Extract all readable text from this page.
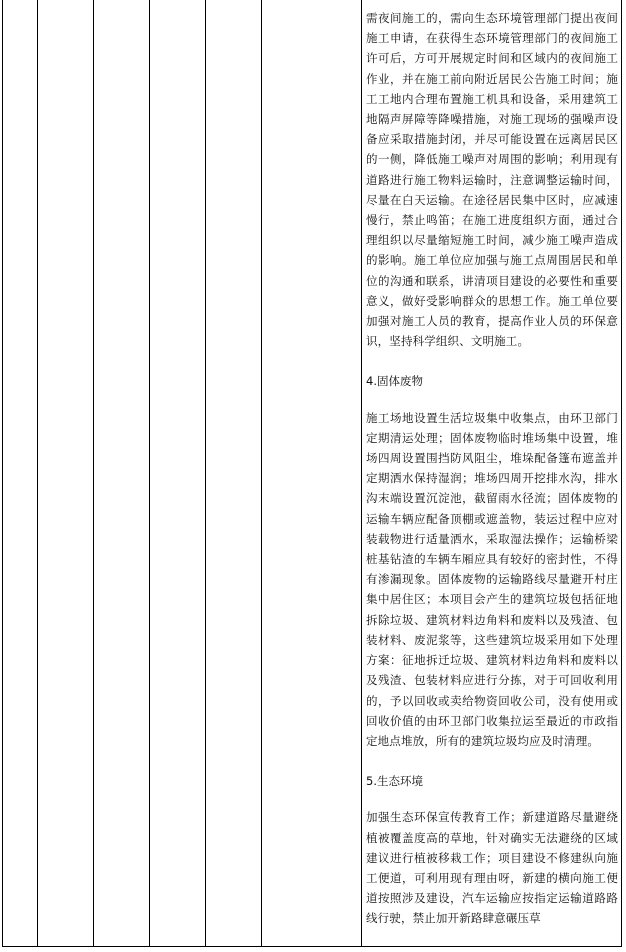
需夜间施工的，需向生态环境管理部门提出夜间施工申请，在获得生态环境管理部门的夜间施工许可后，方可开展规定时间和区域内的夜间施工作业，并在施工前向附近居民公告施工时间；施工工地内合理布置施工机具和设备，采用建筑工地隔声屏障等降噪措施，对施工现场的强噪声设备应采取措施封闭，并尽可能设置在远离居民区的一侧，降低施工噪声对周围的影响；利用现有道路进行施工物料运输时，注意调整运输时间，尽量在白天运输。在途径居民集中区时，应减速慢行，禁止鸣笛；在施工进度组织方面，通过合理组织以尽量缩短施工时间，减少施工噪声造成的影响。施工单位应加强与施工点周围居民和单位的沟通和联系，讲清项目建设的必要性和重要意义，做好受影响群众的思想工作。施工单位要加强对施工人员的教育，提高作业人员的环保意识，坚持科学组织、文明施工。

4.固体废物

施工场地设置生活垃圾集中收集点，由环卫部门定期清运处理；固体废物临时堆场集中设置，堆场四周设置围挡防风阻尘，堆垛配备篷布遮盖并定期洒水保持湿润；堆场四周开挖排水沟，排水沟末端设置沉淀池，截留雨水径流；固体废物的运输车辆应配备顶棚或遮盖物，装运过程中应对装载物进行适量洒水，采取湿法操作；运输桥梁桩基钻渣的车辆车厢应具有较好的密封性，不得有渗漏现象。固体废物的运输路线尽量避开村庄集中居住区；本项目会产生的建筑垃圾包括征地拆除垃圾、建筑材料边角料和废料以及残渣、包装材料、废泥浆等，这些建筑垃圾采用如下处理方案：征地拆迁垃圾、建筑材料边角料和废料以及残渣、包装材料应进行分拣，对于可回收利用的，予以回收或卖给物资回收公司，没有使用或回收价值的由环卫部门收集拉运至最近的市政指定地点堆放，所有的建筑垃圾均应及时清理。

5.生态环境

加强生态环保宣传教育工作；新建道路尽量避绕植被覆盖度高的草地，针对确实无法避绕的区域建议进行植被移栽工作；项目建设不修建纵向施工便道，可利用现有理由呀，新建的横向施工便道按照涉及建设，汽车运输应按指定运输道路路线行驶，禁止加开新路肆意碾压草
